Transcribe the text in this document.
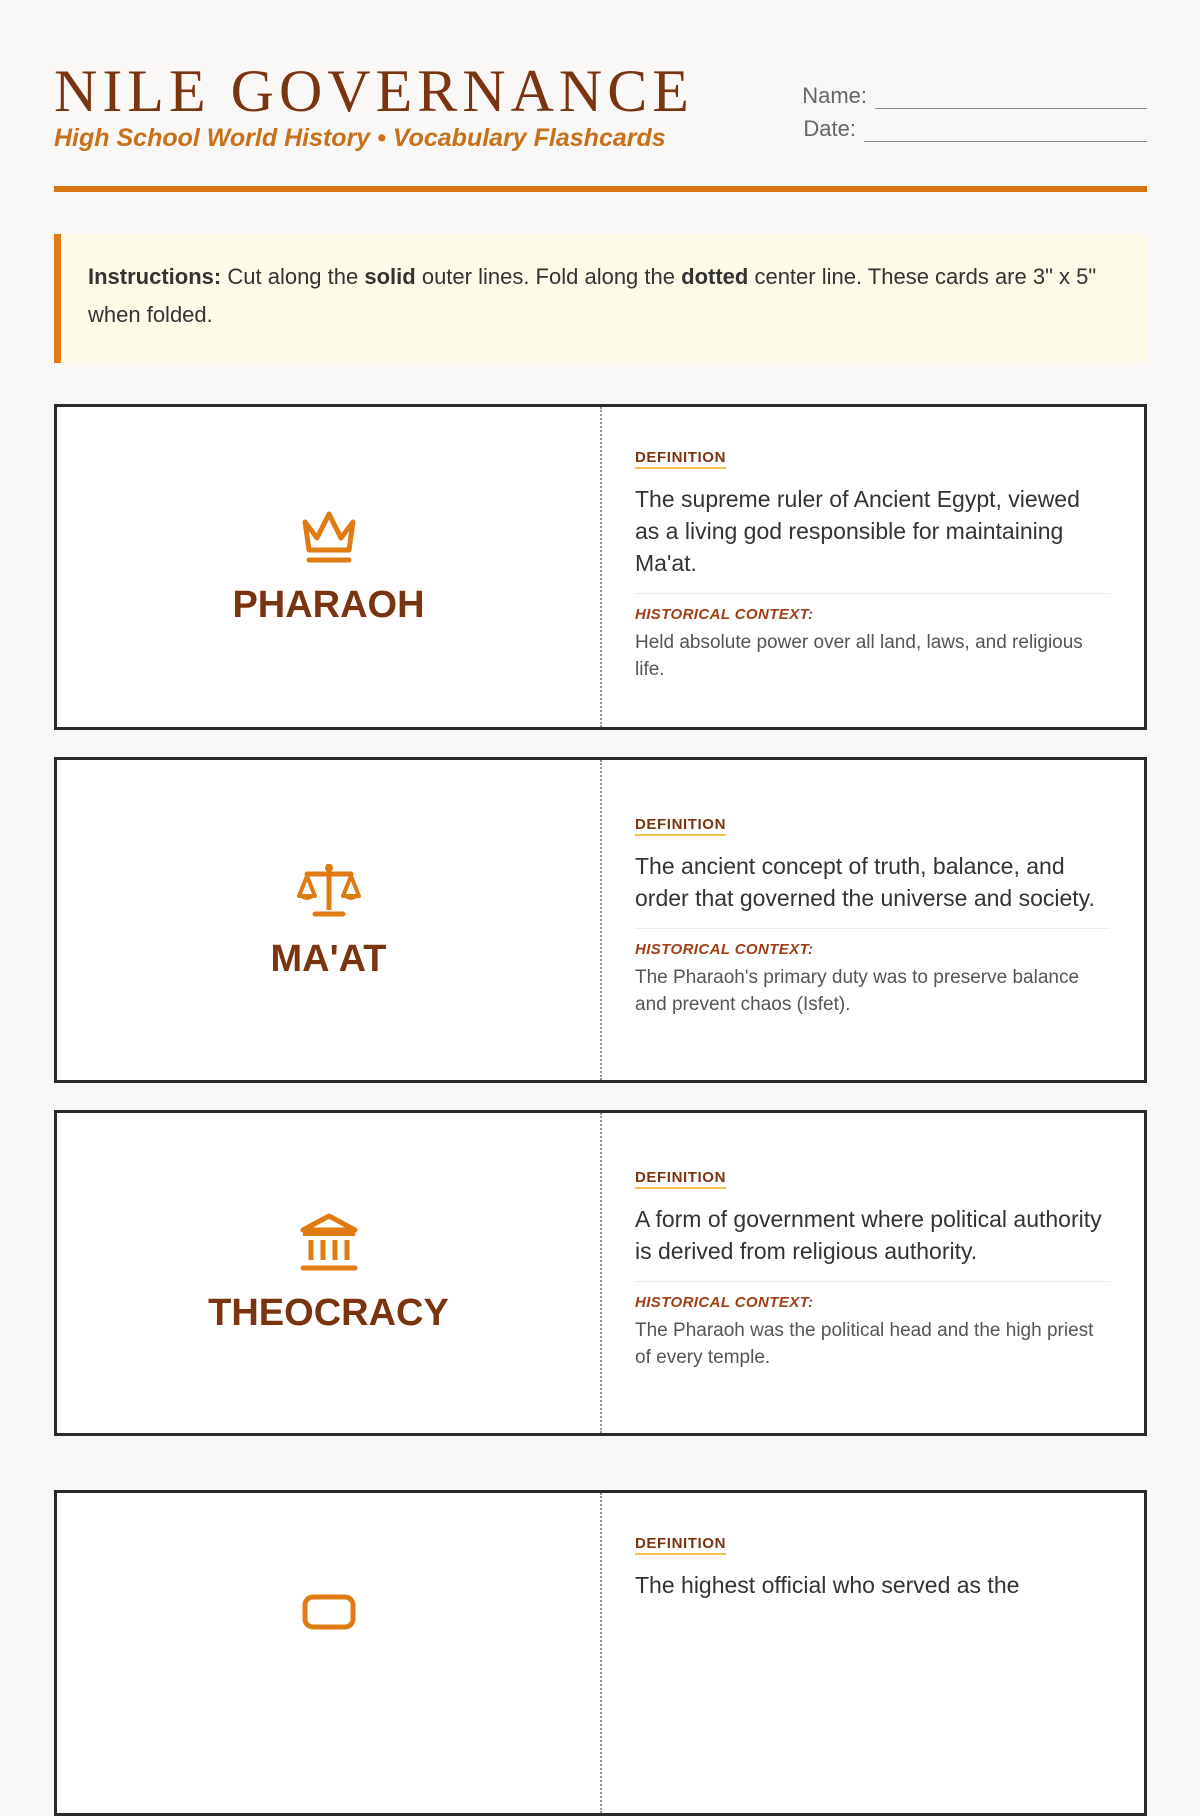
NILE GOVERNANCE
High School World History • Vocabulary Flashcards
Name:
Date:
Instructions: Cut along the solid outer lines. Fold along the dotted center line. These cards are 3" x 5" when folded.
PHARAOH
DEFINITION
The supreme ruler of Ancient Egypt, viewed as a living god responsible for maintaining Ma'at.
HISTORICAL CONTEXT:
Held absolute power over all land, laws, and religious life.
MA'AT
DEFINITION
The ancient concept of truth, balance, and order that governed the universe and society.
HISTORICAL CONTEXT:
The Pharaoh's primary duty was to preserve balance and prevent chaos (Isfet).
THEOCRACY
DEFINITION
A form of government where political authority is derived from religious authority.
HISTORICAL CONTEXT:
The Pharaoh was the political head and the high priest of every temple.
DEFINITION
The highest official who served as the
